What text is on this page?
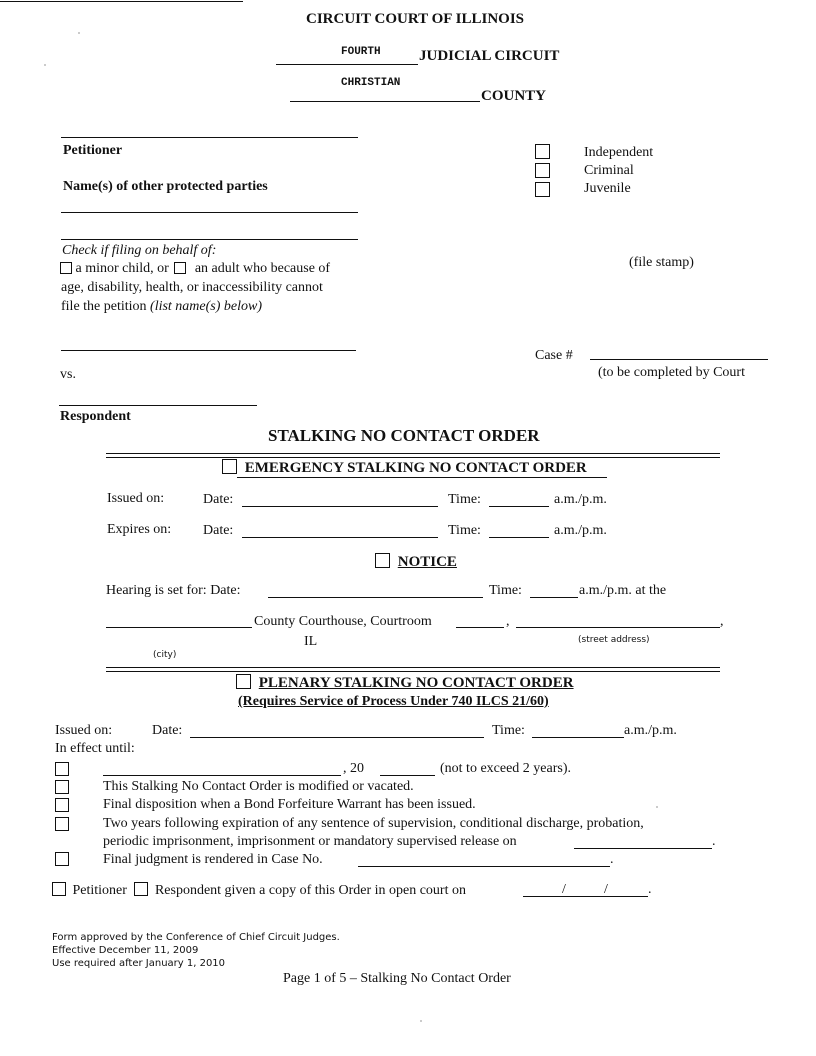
CIRCUIT COURT OF ILLINOIS
FOURTH	JUDICIAL CIRCUIT
CHRISTIAN
COUNTY
Petitioner
Name(s) of other protected parties
Check if filing on behalf of:
a minor child, or an adult who because of
age, disability, health, or inaccessibility cannot
file the petition (list name(s) below)
vs.
Respondent
Independent
Criminal
Juvenile
(file stamp)
Case #
(to be completed by Court
STALKING NO CONTACT ORDER
EMERGENCY STALKING NO CONTACT ORDER
Issued on:	Date:	Time:	a.m./p.m.
Expires on: Date:	Time:	a.m./p.m.
NOTICE
Hearing is set for: Date:	Time:	a.m./p.m. at the
County Courthouse, Courtroom	,	,
IL	(street address)
(city)
PLENARY STALKING NO CONTACT ORDER
(Requires Service of Process Under 740 ILCS 21/60)
Issued on:	Date:	Time:	a.m./p.m.
In effect until:
, 20	(not to exceed 2 years).
This Stalking No Contact Order is modified or vacated.
Final disposition when a Bond Forfeiture Warrant has been issued.
Two years following expiration of any sentence of supervision, conditional discharge, probation,
periodic imprisonment, imprisonment or mandatory supervised release on	.
Final judgment is rendered in Case No.	.
Petitioner Respondent given a copy of this Order in open court on	/	/	.
Form approved by the Conference of Chief Circuit Judges.
Effective December 11, 2009
Use required after January 1, 2010
Page 1 of 5 – Stalking No Contact Order
